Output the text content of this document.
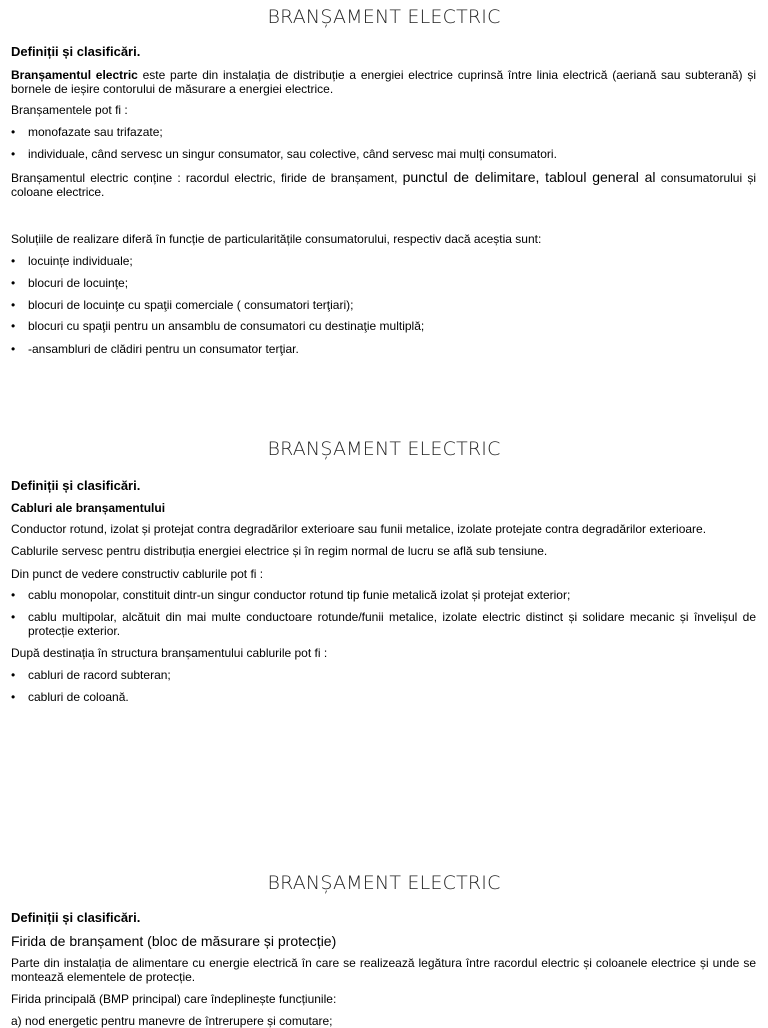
BRANȘAMENT ELECTRIC
Definiții și clasificări.
Branșamentul electric este parte din instalația de distribuție a energiei electrice cuprinsă între linia electrică (aeriană sau subterană) și bornele de ieșire contorului de măsurare a energiei electrice.
Branșamentele pot fi :
•	monofazate sau trifazate;
•	individuale, când servesc un singur consumator, sau colective, când servesc mai mulți consumatori.
Branșamentul electric conține : racordul electric, firide de branșament, punctul de delimitare, tabloul general al consumatorului și coloane electrice.
Soluțiile de realizare diferă în funcție de particularitățile consumatorului, respectiv dacă aceștia sunt:
•	locuințe individuale;
•	blocuri de locuințe;
•	blocuri de locuinţe cu spaţii comerciale ( consumatori terţiari);
•	blocuri cu spaţii pentru un ansamblu de consumatori cu destinaţie multiplă;
•	-ansambluri de clădiri pentru un consumator terţiar.
BRANȘAMENT ELECTRIC
Definiții și clasificări.
Cabluri ale branșamentului
Conductor rotund, izolat și protejat contra degradărilor exterioare sau funii metalice, izolate protejate contra degradărilor exterioare.
Cablurile servesc pentru distribuția energiei electrice și în regim normal de lucru se află sub tensiune.
Din punct de vedere constructiv cablurile pot fi :
•	cablu monopolar, constituit dintr-un singur conductor rotund tip funie metalică izolat și protejat exterior;
•	cablu multipolar, alcătuit din mai multe conductoare rotunde/funii metalice, izolate electric distinct și solidare mecanic și învelișul de protecție exterior.
După destinația în structura branșamentului cablurile pot fi :
•	cabluri de racord subteran;
•	cabluri de coloană.
BRANȘAMENT ELECTRIC
Definiții și clasificări.
Firida de branșament (bloc de măsurare și protecție)
Parte din instalația de alimentare cu energie electrică în care se realizează legătura între racordul electric și coloanele electrice și unde se montează elementele de protecție.
Firida principală (BMP principal) care îndeplinește funcțiunile:
a) nod energetic pentru manevre de întrerupere și comutare;
